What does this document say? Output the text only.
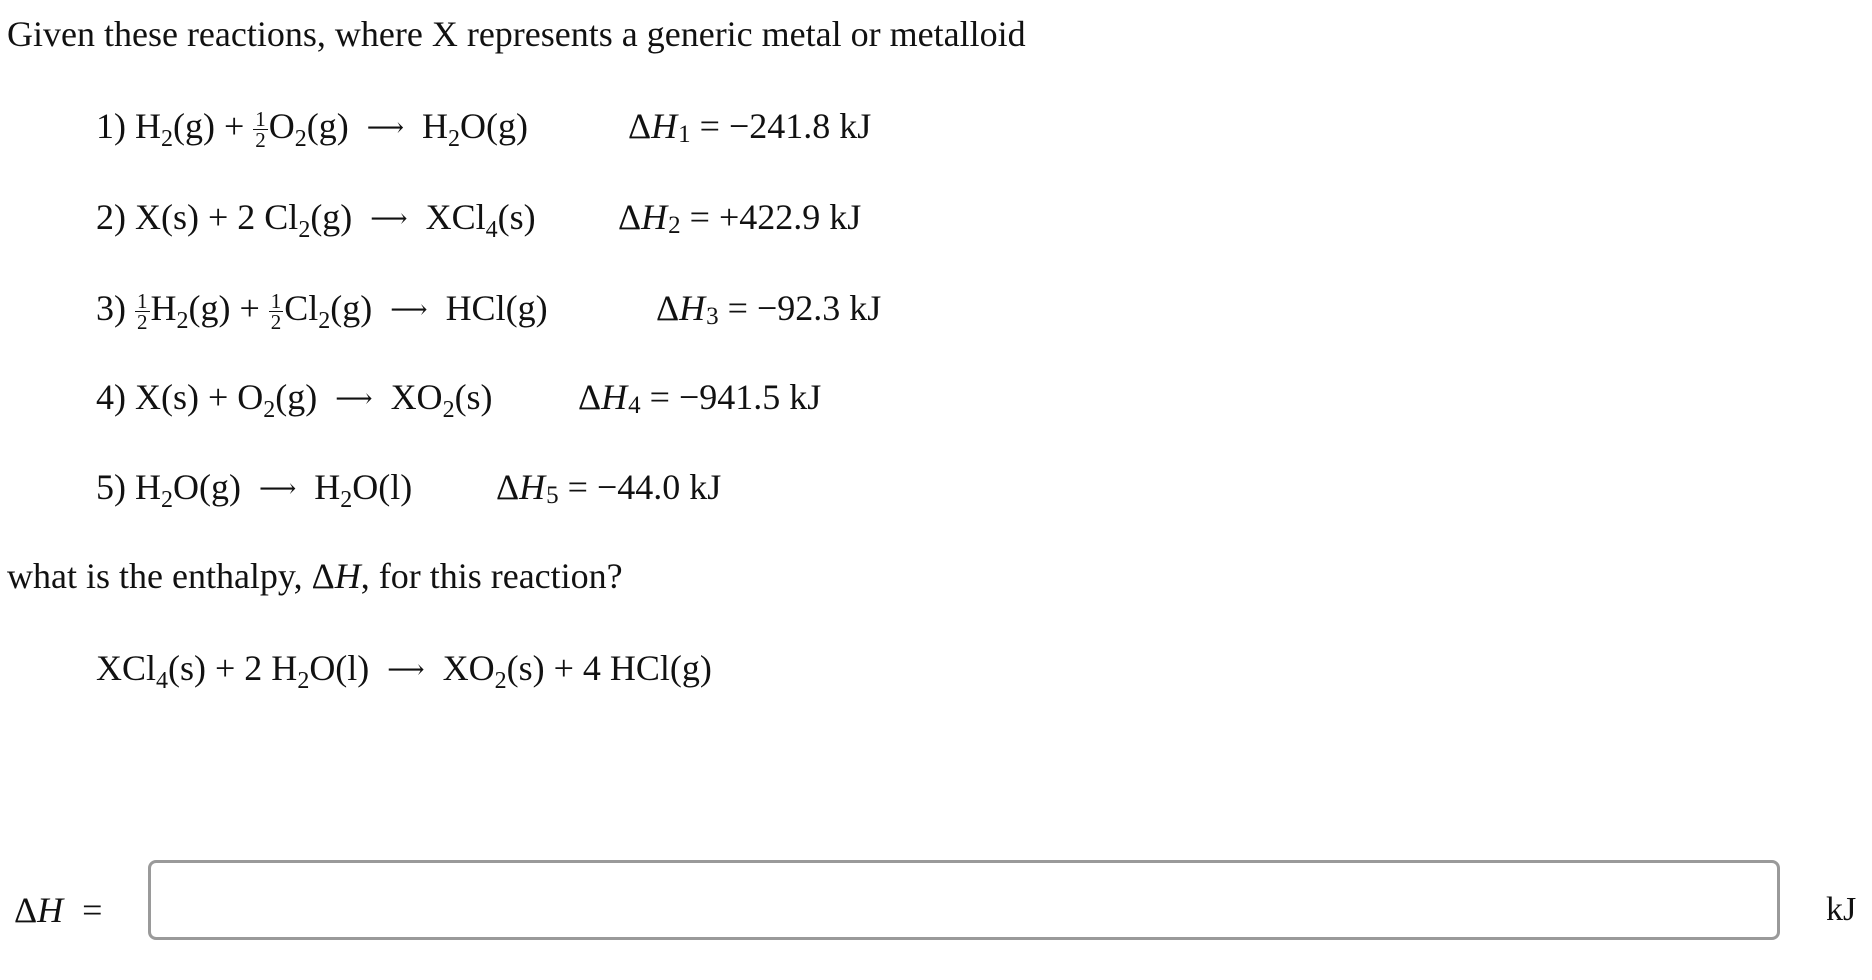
Given these reactions, where X represents a generic metal or metalloid
1) $H_2(g) + \frac{1}{2} O_2(g)$ ⟶ $H_2O(g)$	ΔH1 = −241.8 kJ
2) X(s) + 2 $Cl_2(g)$ ⟶ XCl$_4$(s) ΔH2 = +422.9 kJ
$3) \frac{1}{2} H_2(g) + \frac{1}{2} Cl_2(g)$ ⟶ HCl(g)	ΔH3 = −92.3 kJ
4) $X(s) + O_2(g)$ ⟶ $XO_2(s) \Delta H4 = -941.5$ kJ
5) $H_2O(g)$ ⟶ $H_2O(l) \Delta H5 = -44.0$ kJ
what is the enthalpy, ΔH, for this reaction?
XCl$_4$(s) + 2 $H_2O(l)$ ⟶ $XO_2(s) + 4$ HCl(g)
ΔH =	kJ
